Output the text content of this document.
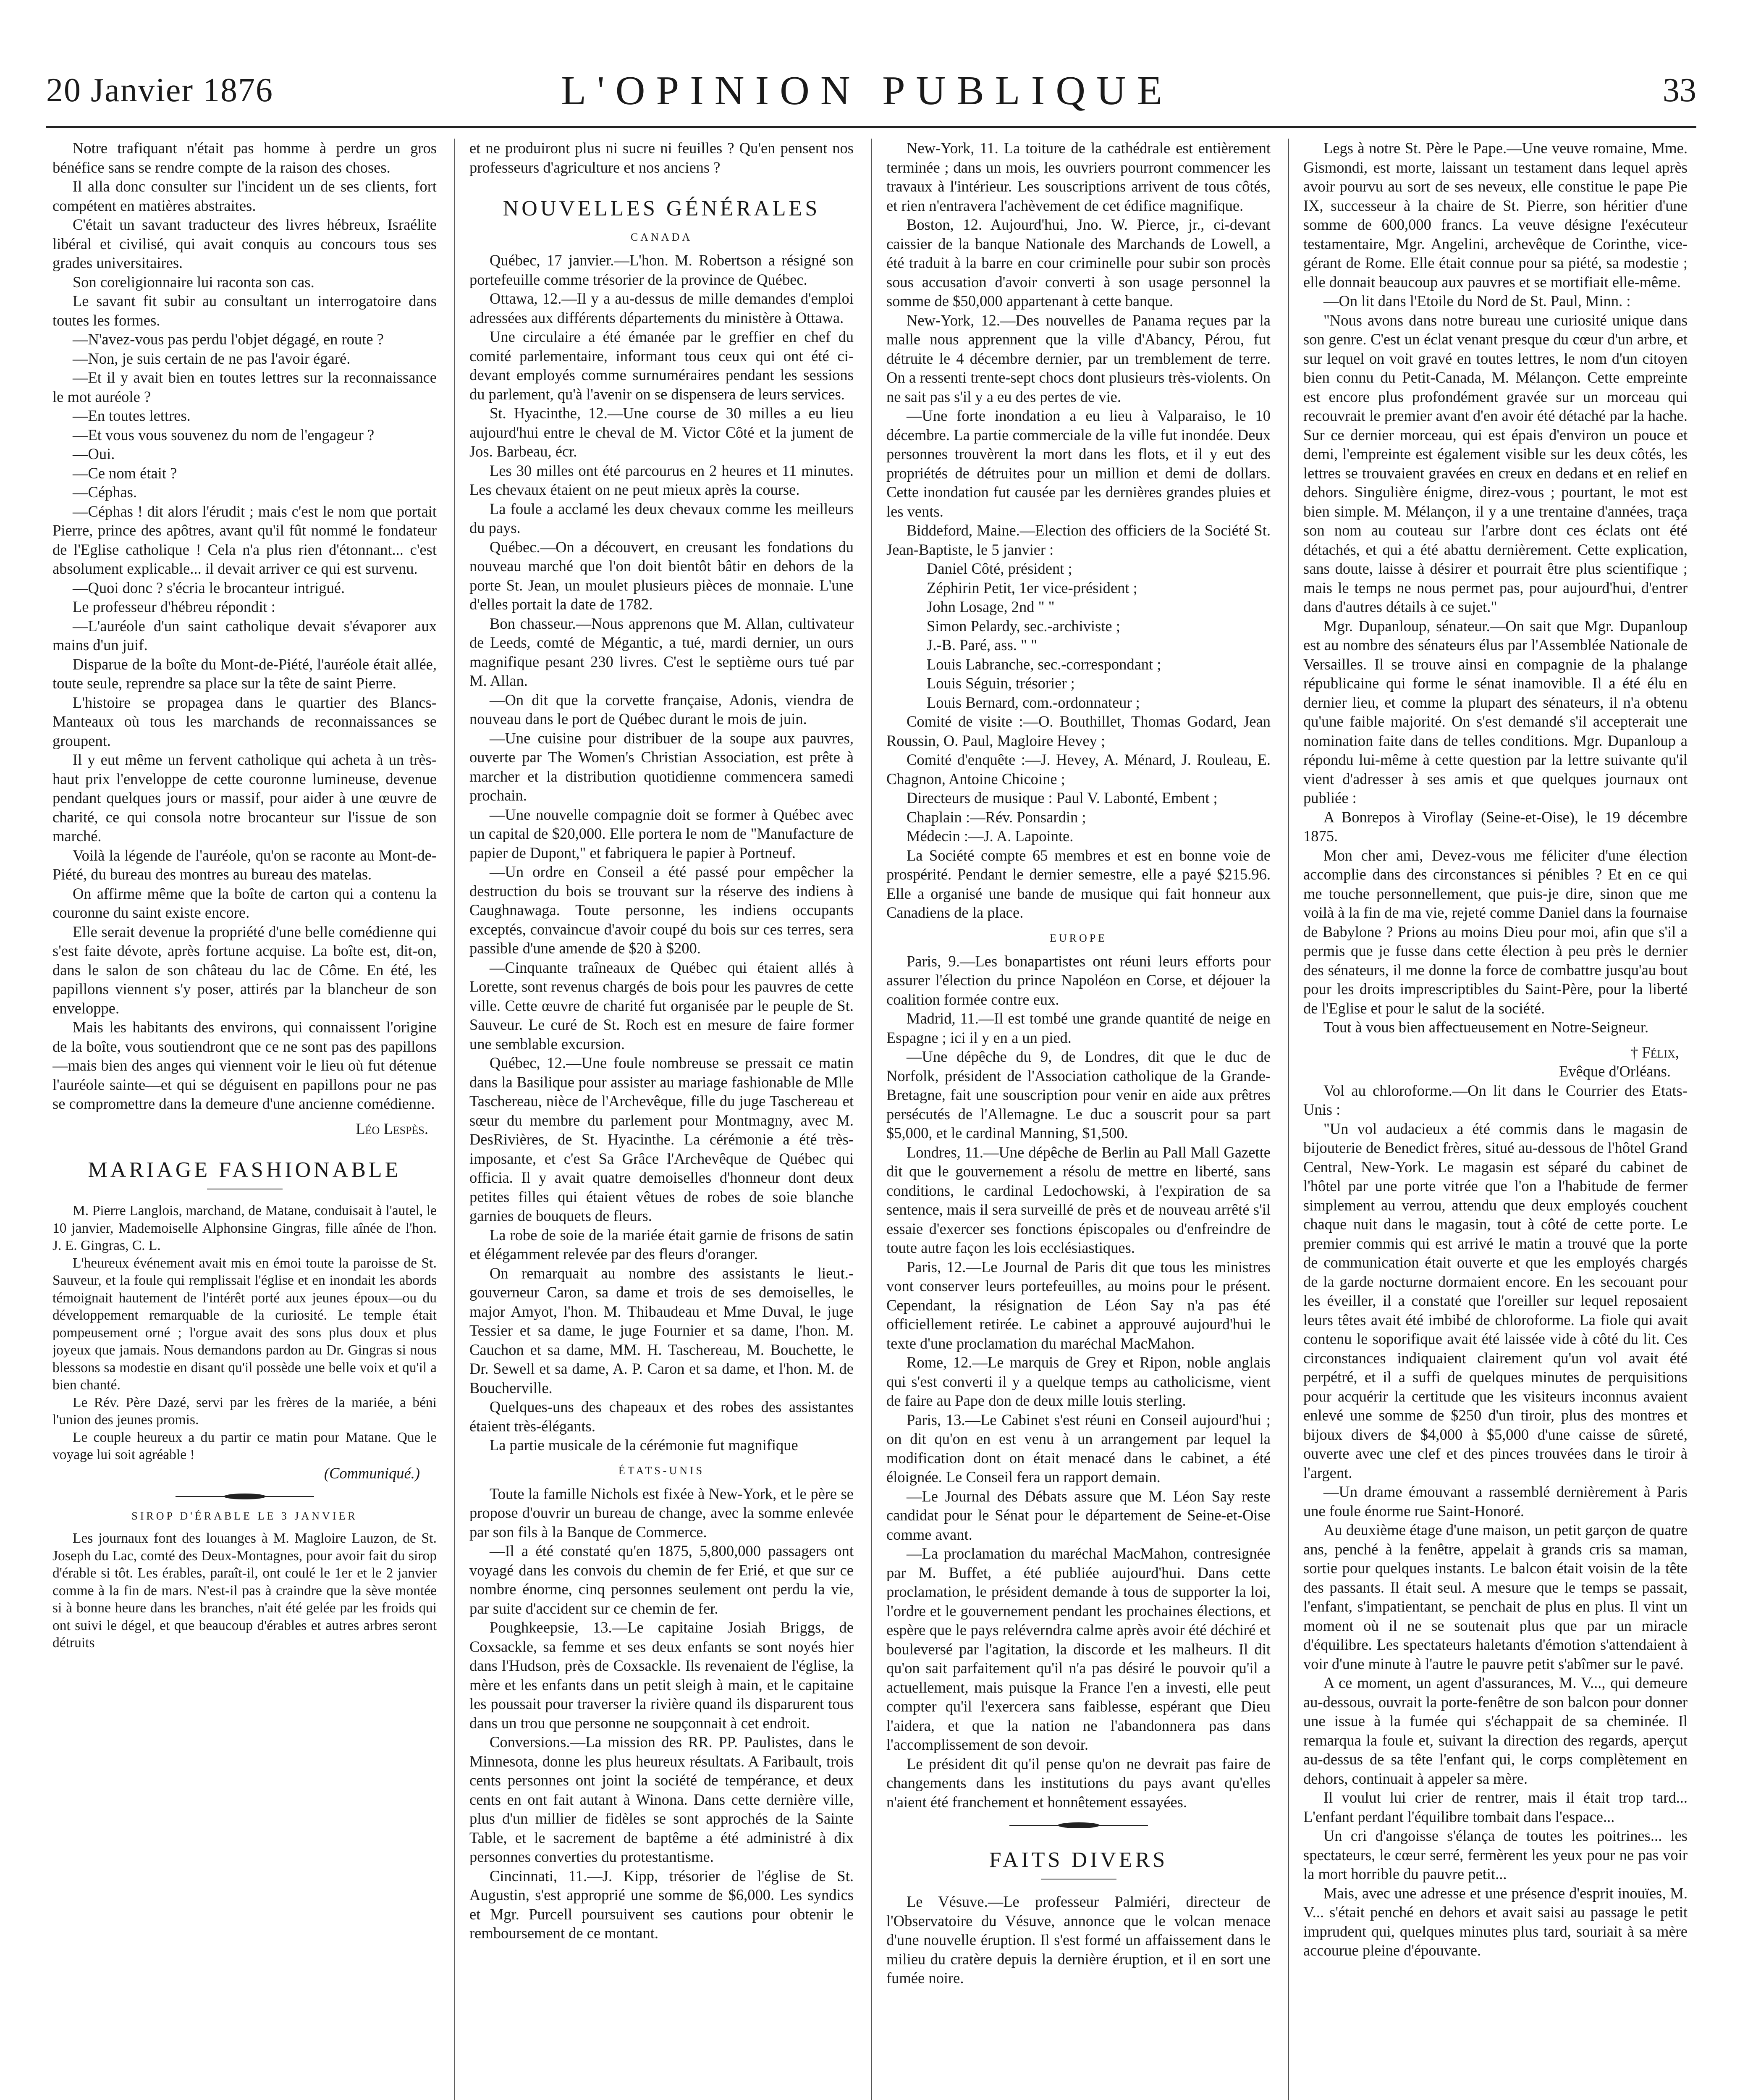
20 Janvier 1876	L'OPINION PUBLIQUE	33

Notre trafiquant n'était pas homme à perdre un gros bénéfice sans se rendre compte de la raison des choses.

Il alla donc consulter sur l'incident un de ses clients, fort compétent en matières abstraites.

C'était un savant traducteur des livres hébreux, Israélite libéral et civilisé, qui avait conquis au concours tous ses grades universitaires.

Son coreligionnaire lui raconta son cas.

Le savant fit subir au consultant un interrogatoire dans toutes les formes.

—N'avez-vous pas perdu l'objet dégagé, en route ?

—Non, je suis certain de ne pas l'avoir égaré.

—Et il y avait bien en toutes lettres sur la reconnaissance le mot auréole ?

—En toutes lettres.

—Et vous vous souvenez du nom de l'engageur ?

—Oui.

—Ce nom était ?

—Céphas.

—Céphas ! dit alors l'érudit ; mais c'est le nom que portait Pierre, prince des apôtres, avant qu'il fût nommé le fondateur de l'Eglise catholique ! Cela n'a plus rien d'étonnant... c'est absolument explicable... il devait arriver ce qui est survenu.

—Quoi donc ? s'écria le brocanteur intrigué.

Le professeur d'hébreu répondit :

—L'auréole d'un saint catholique devait s'évaporer aux mains d'un juif.

Disparue de la boîte du Mont-de-Piété, l'auréole était allée, toute seule, reprendre sa place sur la tête de saint Pierre.

L'histoire se propagea dans le quartier des Blancs-Manteaux où tous les marchands de reconnaissances se groupent.

Il y eut même un fervent catholique qui acheta à un très-haut prix l'enveloppe de cette couronne lumineuse, devenue pendant quelques jours or massif, pour aider à une œuvre de charité, ce qui consola notre brocanteur sur l'issue de son marché.

Voilà la légende de l'auréole, qu'on se raconte au Mont-de-Piété, du bureau des montres au bureau des matelas.

On affirme même que la boîte de carton qui a contenu la couronne du saint existe encore.

Elle serait devenue la propriété d'une belle comédienne qui s'est faite dévote, après fortune acquise. La boîte est, dit-on, dans le salon de son château du lac de Côme. En été, les papillons viennent s'y poser, attirés par la blancheur de son enveloppe.

Mais les habitants des environs, qui connaissent l'origine de la boîte, vous soutiendront que ce ne sont pas des papillons —mais bien des anges qui viennent voir le lieu où fut détenue l'auréole sainte—et qui se déguisent en papillons pour ne pas se compromettre dans la demeure d'une ancienne comédienne.

Léo Lespès.

MARIAGE FASHIONABLE

M. Pierre Langlois, marchand, de Matane, conduisait à l'autel, le 10 janvier, Mademoiselle Alphonsine Gingras, fille aînée de l'hon. J. E. Gingras, C. L.

L'heureux événement avait mis en émoi toute la paroisse de St. Sauveur, et la foule qui remplissait l'église et en inondait les abords témoignait hautement de l'intérêt porté aux jeunes époux—ou du développement remarquable de la curiosité. Le temple était pompeusement orné ; l'orgue avait des sons plus doux et plus joyeux que jamais. Nous demandons pardon au Dr. Gingras si nous blessons sa modestie en disant qu'il possède une belle voix et qu'il a bien chanté.

Le Rév. Père Dazé, servi par les frères de la mariée, a béni l'union des jeunes promis.

Le couple heureux a du partir ce matin pour Matane. Que le voyage lui soit agréable !

(Communiqué.)

SIROP D'ÉRABLE LE 3 JANVIER

Les journaux font des louanges à M. Magloire Lauzon, de St. Joseph du Lac, comté des Deux-Montagnes, pour avoir fait du sirop d'érable si tôt. Les érables, paraît-il, ont coulé le 1er et le 2 janvier comme à la fin de mars. N'est-il pas à craindre que la sève montée si à bonne heure dans les branches, n'ait été gelée par les froids qui ont suivi le dégel, et que beaucoup d'érables et autres arbres seront détruits

et ne produiront plus ni sucre ni feuilles ? Qu'en pensent nos professeurs d'agriculture et nos anciens ?

NOUVELLES GÉNÉRALES
CANADA

Québec, 17 janvier.—L'hon. M. Robertson a résigné son portefeuille comme trésorier de la province de Québec.

Ottawa, 12.—Il y a au-dessus de mille demandes d'emploi adressées aux différents départements du ministère à Ottawa.

Une circulaire a été émanée par le greffier en chef du comité parlementaire, informant tous ceux qui ont été ci-devant employés comme surnuméraires pendant les sessions du parlement, qu'à l'avenir on se dispensera de leurs services.

St. Hyacinthe, 12.—Une course de 30 milles a eu lieu aujourd'hui entre le cheval de M. Victor Côté et la jument de Jos. Barbeau, écr.

Les 30 milles ont été parcourus en 2 heures et 11 minutes. Les chevaux étaient on ne peut mieux après la course.

La foule a acclamé les deux chevaux comme les meilleurs du pays.

Québec.—On a découvert, en creusant les fondations du nouveau marché que l'on doit bientôt bâtir en dehors de la porte St. Jean, un moulet plusieurs pièces de monnaie. L'une d'elles portait la date de 1782.

Bon chasseur.—Nous apprenons que M. Allan, cultivateur de Leeds, comté de Mégantic, a tué, mardi dernier, un ours magnifique pesant 230 livres. C'est le septième ours tué par M. Allan.

—On dit que la corvette française, Adonis, viendra de nouveau dans le port de Québec durant le mois de juin.

—Une cuisine pour distribuer de la soupe aux pauvres, ouverte par The Women's Christian Association, est prête à marcher et la distribution quotidienne commencera samedi prochain.

—Une nouvelle compagnie doit se former à Québec avec un capital de $20,000. Elle portera le nom de "Manufacture de papier de Dupont," et fabriquera le papier à Portneuf.

—Un ordre en Conseil a été passé pour empêcher la destruction du bois se trouvant sur la réserve des indiens à Caughnawaga. Toute personne, les indiens occupants exceptés, convaincue d'avoir coupé du bois sur ces terres, sera passible d'une amende de $20 à $200.

—Cinquante traîneaux de Québec qui étaient allés à Lorette, sont revenus chargés de bois pour les pauvres de cette ville. Cette œuvre de charité fut organisée par le peuple de St. Sauveur. Le curé de St. Roch est en mesure de faire former une semblable excursion.

Québec, 12.—Une foule nombreuse se pressait ce matin dans la Basilique pour assister au mariage fashionable de Mlle Taschereau, nièce de l'Archevêque, fille du juge Taschereau et sœur du membre du parlement pour Montmagny, avec M. DesRivières, de St. Hyacinthe. La cérémonie a été très-imposante, et c'est Sa Grâce l'Archevêque de Québec qui officia. Il y avait quatre demoiselles d'honneur dont deux petites filles qui étaient vêtues de robes de soie blanche garnies de bouquets de fleurs.

La robe de soie de la mariée était garnie de frisons de satin et élégamment relevée par des fleurs d'oranger.

On remarquait au nombre des assistants le lieut.-gouverneur Caron, sa dame et trois de ses demoiselles, le major Amyot, l'hon. M. Thibaudeau et Mme Duval, le juge Tessier et sa dame, le juge Fournier et sa dame, l'hon. M. Cauchon et sa dame, MM. H. Taschereau, M. Bouchette, le Dr. Sewell et sa dame, A. P. Caron et sa dame, et l'hon. M. de Boucherville.

Quelques-uns des chapeaux et des robes des assistantes étaient très-élégants.

La partie musicale de la cérémonie fut magnifique

ÉTATS-UNIS

Toute la famille Nichols est fixée à New-York, et le père se propose d'ouvrir un bureau de change, avec la somme enlevée par son fils à la Banque de Commerce.

—Il a été constaté qu'en 1875, 5,800,000 passagers ont voyagé dans les convois du chemin de fer Erié, et que sur ce nombre énorme, cinq personnes seulement ont perdu la vie, par suite d'accident sur ce chemin de fer.

Poughkeepsie, 13.—Le capitaine Josiah Briggs, de Coxsackle, sa femme et ses deux enfants se sont noyés hier dans l'Hudson, près de Coxsackle. Ils revenaient de l'église, la mère et les enfants dans un petit sleigh à main, et le capitaine les poussait pour traverser la rivière quand ils disparurent tous dans un trou que personne ne soupçonnait à cet endroit.

Conversions.—La mission des RR. PP. Paulistes, dans le Minnesota, donne les plus heureux résultats. A Faribault, trois cents personnes ont joint la société de tempérance, et deux cents en ont fait autant à Winona. Dans cette dernière ville, plus d'un millier de fidèles se sont approchés de la Sainte Table, et le sacrement de baptême a été administré à dix personnes converties du protestantisme.

Cincinnati, 11.—J. Kipp, trésorier de l'église de St. Augustin, s'est approprié une somme de $6,000. Les syndics et Mgr. Purcell poursuivent ses cautions pour obtenir le remboursement de ce montant.

New-York, 11. La toiture de la cathédrale est entièrement terminée ; dans un mois, les ouvriers pourront commencer les travaux à l'intérieur. Les souscriptions arrivent de tous côtés, et rien n'entravera l'achèvement de cet édifice magnifique.

Boston, 12. Aujourd'hui, Jno. W. Pierce, jr., ci-devant caissier de la banque Nationale des Marchands de Lowell, a été traduit à la barre en cour criminelle pour subir son procès sous accusation d'avoir converti à son usage personnel la somme de $50,000 appartenant à cette banque.

New-York, 12.—Des nouvelles de Panama reçues par la malle nous apprennent que la ville d'Abancy, Pérou, fut détruite le 4 décembre dernier, par un tremblement de terre. On a ressenti trente-sept chocs dont plusieurs très-violents. On ne sait pas s'il y a eu des pertes de vie.

—Une forte inondation a eu lieu à Valparaiso, le 10 décembre. La partie commerciale de la ville fut inondée. Deux personnes trouvèrent la mort dans les flots, et il y eut des propriétés de détruites pour un million et demi de dollars. Cette inondation fut causée par les dernières grandes pluies et les vents.

Biddeford, Maine.—Election des officiers de la Société St. Jean-Baptiste, le 5 janvier :

Daniel Côté, président ;

Zéphirin Petit, 1er vice-président ;

John Losage, 2nd " "

Simon Pelardy, sec.-archiviste ;

J.-B. Paré, ass. " "

Louis Labranche, sec.-correspondant ;

Louis Séguin, trésorier ;

Louis Bernard, com.-ordonnateur ;

Comité de visite :—O. Bouthillet, Thomas Godard, Jean Roussin, O. Paul, Magloire Hevey ;

Comité d'enquête :—J. Hevey, A. Ménard, J. Rouleau, E. Chagnon, Antoine Chicoine ;

Directeurs de musique : Paul V. Labonté, Embent ;

Chaplain :—Rév. Ponsardin ;

Médecin :—J. A. Lapointe.

La Société compte 65 membres et est en bonne voie de prospérité. Pendant le dernier semestre, elle a payé $215.96. Elle a organisé une bande de musique qui fait honneur aux Canadiens de la place.

EUROPE

Paris, 9.—Les bonapartistes ont réuni leurs efforts pour assurer l'élection du prince Napoléon en Corse, et déjouer la coalition formée contre eux.

Madrid, 11.—Il est tombé une grande quantité de neige en Espagne ; ici il y en a un pied.

—Une dépêche du 9, de Londres, dit que le duc de Norfolk, président de l'Association catholique de la Grande-Bretagne, fait une souscription pour venir en aide aux prêtres persécutés de l'Allemagne. Le duc a souscrit pour sa part $5,000, et le cardinal Manning, $1,500.

Londres, 11.—Une dépêche de Berlin au Pall Mall Gazette dit que le gouvernement a résolu de mettre en liberté, sans conditions, le cardinal Ledochowski, à l'expiration de sa sentence, mais il sera surveillé de près et de nouveau arrêté s'il essaie d'exercer ses fonctions épiscopales ou d'enfreindre de toute autre façon les lois ecclésiastiques.

Paris, 12.—Le Journal de Paris dit que tous les ministres vont conserver leurs portefeuilles, au moins pour le présent. Cependant, la résignation de Léon Say n'a pas été officiellement retirée. Le cabinet a approuvé aujourd'hui le texte d'une proclamation du maréchal MacMahon.

Rome, 12.—Le marquis de Grey et Ripon, noble anglais qui s'est converti il y a quelque temps au catholicisme, vient de faire au Pape don de deux mille louis sterling.

Paris, 13.—Le Cabinet s'est réuni en Conseil aujourd'hui ; on dit qu'on en est venu à un arrangement par lequel la modification dont on était menacé dans le cabinet, a été éloignée. Le Conseil fera un rapport demain.

—Le Journal des Débats assure que M. Léon Say reste candidat pour le Sénat pour le département de Seine-et-Oise comme avant.

—La proclamation du maréchal MacMahon, contresignée par M. Buffet, a été publiée aujourd'hui. Dans cette proclamation, le président demande à tous de supporter la loi, l'ordre et le gouvernement pendant les prochaines élections, et espère que le pays reléverndra calme après avoir été déchiré et bouleversé par l'agitation, la discorde et les malheurs. Il dit qu'on sait parfaitement qu'il n'a pas désiré le pouvoir qu'il a actuellement, mais puisque la France l'en a investi, elle peut compter qu'il l'exercera sans faiblesse, espérant que Dieu l'aidera, et que la nation ne l'abandonnera pas dans l'accomplissement de son devoir.

Le président dit qu'il pense qu'on ne devrait pas faire de changements dans les institutions du pays avant qu'elles n'aient été franchement et honnêtement essayées.

FAITS DIVERS

Le Vésuve.—Le professeur Palmiéri, directeur de l'Observatoire du Vésuve, annonce que le volcan menace d'une nouvelle éruption. Il s'est formé un affaissement dans le milieu du cratère depuis la dernière éruption, et il en sort une fumée noire.

Legs à notre St. Père le Pape.—Une veuve romaine, Mme. Gismondi, est morte, laissant un testament dans lequel après avoir pourvu au sort de ses neveux, elle constitue le pape Pie IX, successeur à la chaire de St. Pierre, son héritier d'une somme de 600,000 francs. La veuve désigne l'exécuteur testamentaire, Mgr. Angelini, archevêque de Corinthe, vice-gérant de Rome. Elle était connue pour sa piété, sa modestie ; elle donnait beaucoup aux pauvres et se mortifiait elle-même.

—On lit dans l'Etoile du Nord de St. Paul, Minn. :

"Nous avons dans notre bureau une curiosité unique dans son genre. C'est un éclat venant presque du cœur d'un arbre, et sur lequel on voit gravé en toutes lettres, le nom d'un citoyen bien connu du Petit-Canada, M. Mélançon. Cette empreinte est encore plus profondément gravée sur un morceau qui recouvrait le premier avant d'en avoir été détaché par la hache. Sur ce dernier morceau, qui est épais d'environ un pouce et demi, l'empreinte est également visible sur les deux côtés, les lettres se trouvaient gravées en creux en dedans et en relief en dehors. Singulière énigme, direz-vous ; pourtant, le mot est bien simple. M. Mélançon, il y a une trentaine d'années, traça son nom au couteau sur l'arbre dont ces éclats ont été détachés, et qui a été abattu dernièrement. Cette explication, sans doute, laisse à désirer et pourrait être plus scientifique ; mais le temps ne nous permet pas, pour aujourd'hui, d'entrer dans d'autres détails à ce sujet."

Mgr. Dupanloup, sénateur.—On sait que Mgr. Dupanloup est au nombre des sénateurs élus par l'Assemblée Nationale de Versailles. Il se trouve ainsi en compagnie de la phalange républicaine qui forme le sénat inamovible. Il a été élu en dernier lieu, et comme la plupart des sénateurs, il n'a obtenu qu'une faible majorité. On s'est demandé s'il accepterait une nomination faite dans de telles conditions. Mgr. Dupanloup a répondu lui-même à cette question par la lettre suivante qu'il vient d'adresser à ses amis et que quelques journaux ont publiée :

A Bonrepos à Viroflay (Seine-et-Oise), le 19 décembre 1875.

Mon cher ami, Devez-vous me féliciter d'une élection accomplie dans des circonstances si pénibles ? Et en ce qui me touche personnellement, que puis-je dire, sinon que me voilà à la fin de ma vie, rejeté comme Daniel dans la fournaise de Babylone ? Prions au moins Dieu pour moi, afin que s'il a permis que je fusse dans cette élection à peu près le dernier des sénateurs, il me donne la force de combattre jusqu'au bout pour les droits imprescriptibles du Saint-Père, pour la liberté de l'Eglise et pour le salut de la société.

Tout à vous bien affectueusement en Notre-Seigneur.

† Félix,

Evêque d'Orléans.

Vol au chloroforme.—On lit dans le Courrier des Etats-Unis :

"Un vol audacieux a été commis dans le magasin de bijouterie de Benedict frères, situé au-dessous de l'hôtel Grand Central, New-York. Le magasin est séparé du cabinet de l'hôtel par une porte vitrée que l'on a l'habitude de fermer simplement au verrou, attendu que deux employés couchent chaque nuit dans le magasin, tout à côté de cette porte. Le premier commis qui est arrivé le matin a trouvé que la porte de communication était ouverte et que les employés chargés de la garde nocturne dormaient encore. En les secouant pour les éveiller, il a constaté que l'oreiller sur lequel reposaient leurs têtes avait été imbibé de chloroforme. La fiole qui avait contenu le soporifique avait été laissée vide à côté du lit. Ces circonstances indiquaient clairement qu'un vol avait été perpétré, et il a suffi de quelques minutes de perquisitions pour acquérir la certitude que les visiteurs inconnus avaient enlevé une somme de $250 d'un tiroir, plus des montres et bijoux divers de $4,000 à $5,000 d'une caisse de sûreté, ouverte avec une clef et des pinces trouvées dans le tiroir à l'argent.

—Un drame émouvant a rassemblé dernièrement à Paris une foule énorme rue Saint-Honoré.

Au deuxième étage d'une maison, un petit garçon de quatre ans, penché à la fenêtre, appelait à grands cris sa maman, sortie pour quelques instants. Le balcon était voisin de la tête des passants. Il était seul. A mesure que le temps se passait, l'enfant, s'impatientant, se penchait de plus en plus. Il vint un moment où il ne se soutenait plus que par un miracle d'équilibre. Les spectateurs haletants d'émotion s'attendaient à voir d'une minute à l'autre le pauvre petit s'abîmer sur le pavé.

A ce moment, un agent d'assurances, M. V..., qui demeure au-dessous, ouvrait la porte-fenêtre de son balcon pour donner une issue à la fumée qui s'échappait de sa cheminée. Il remarqua la foule et, suivant la direction des regards, aperçut au-dessus de sa tête l'enfant qui, le corps complètement en dehors, continuait à appeler sa mère.

Il voulut lui crier de rentrer, mais il était trop tard... L'enfant perdant l'équilibre tombait dans l'espace...

Un cri d'angoisse s'élança de toutes les poitrines... les spectateurs, le cœur serré, fermèrent les yeux pour ne pas voir la mort horrible du pauvre petit...

Mais, avec une adresse et une présence d'esprit inouïes, M. V... s'était penché en dehors et avait saisi au passage le petit imprudent qui, quelques minutes plus tard, souriait à sa mère accourue pleine d'épouvante.
